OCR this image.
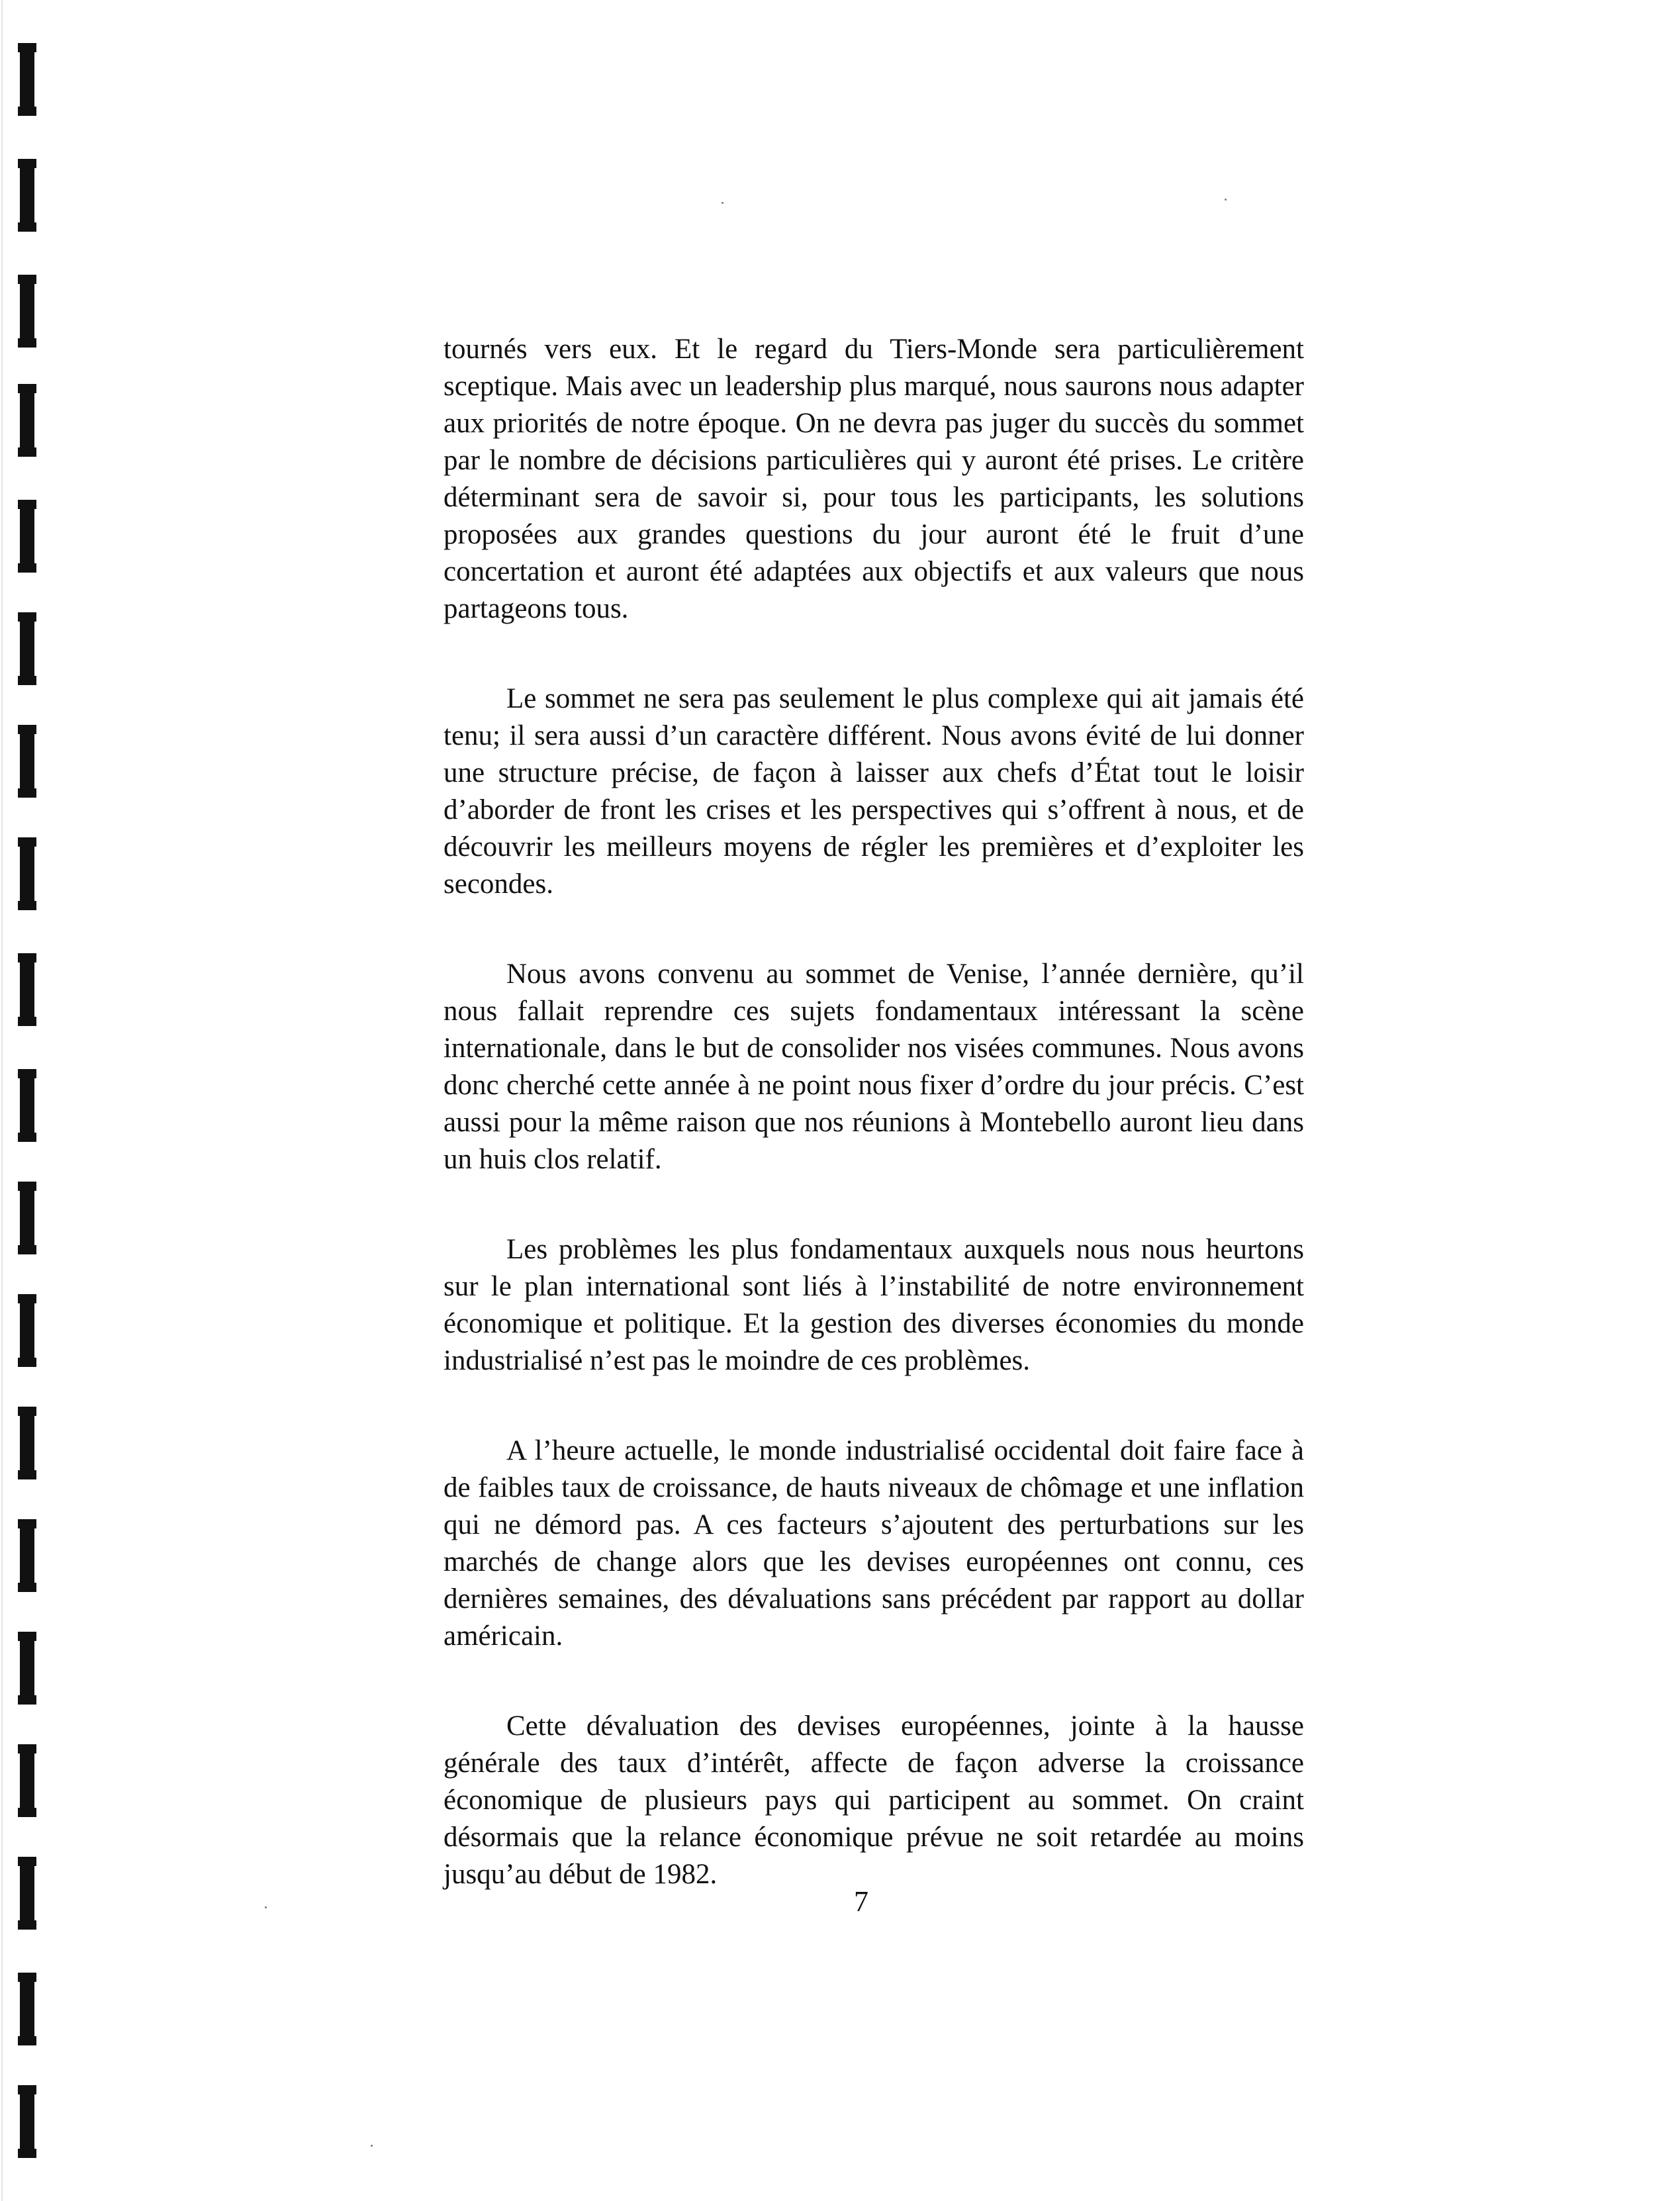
tournés vers eux. Et le regard du Tiers-Monde sera particulièrement sceptique. Mais avec un leadership plus marqué, nous saurons nous adapter aux priorités de notre époque. On ne devra pas juger du succès du sommet par le nombre de décisions particulières qui y auront été prises. Le critère déterminant sera de savoir si, pour tous les participants, les solutions proposées aux grandes questions du jour auront été le fruit d’une concertation et auront été adaptées aux objectifs et aux valeurs que nous partageons tous.

Le sommet ne sera pas seulement le plus complexe qui ait jamais été tenu; il sera aussi d’un caractère différent. Nous avons évité de lui donner une structure précise, de façon à laisser aux chefs d’État tout le loisir d’aborder de front les crises et les perspectives qui s’offrent à nous, et de découvrir les meilleurs moyens de régler les premières et d’exploiter les secondes.

Nous avons convenu au sommet de Venise, l’année dernière, qu’il nous fallait reprendre ces sujets fondamentaux intéressant la scène internationale, dans le but de consolider nos visées communes. Nous avons donc cherché cette année à ne point nous fixer d’ordre du jour précis. C’est aussi pour la même raison que nos réunions à Montebello auront lieu dans un huis clos relatif.

Les problèmes les plus fondamentaux auxquels nous nous heurtons sur le plan international sont liés à l’instabilité de notre environnement économique et politique. Et la gestion des diverses économies du monde industrialisé n’est pas le moindre de ces problèmes.

A l’heure actuelle, le monde industrialisé occidental doit faire face à de faibles taux de croissance, de hauts niveaux de chômage et une inflation qui ne démord pas. A ces facteurs s’ajoutent des perturbations sur les marchés de change alors que les devises européennes ont connu, ces dernières semaines, des dévaluations sans précédent par rapport au dollar américain.

Cette dévaluation des devises européennes, jointe à la hausse générale des taux d’intérêt, affecte de façon adverse la croissance économique de plusieurs pays qui participent au sommet. On craint désormais que la relance économique prévue ne soit retardée au moins jusqu’au début de 1982.

7
